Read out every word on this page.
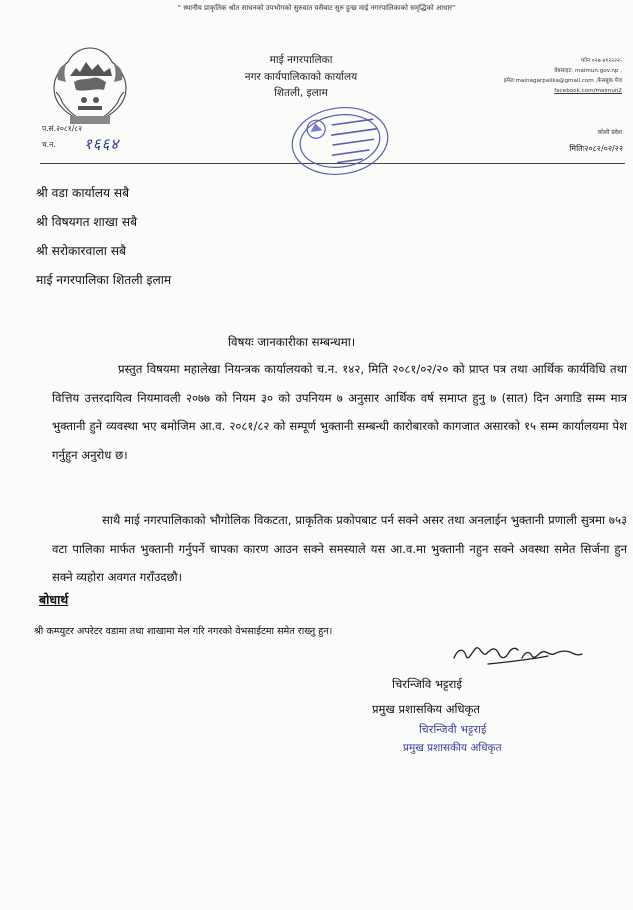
" स्थानीय प्राकृतिक श्रोत साधनको उपभोगको सुरुवात यसैबाट सुरु हुन्छ माई नगरपालिकाको समृद्धिको आधार"
माई नगरपालिका
नगर कार्यपालिकाको कार्यालय
शितली, इलाम
फोन ०२७-४१२२२२-
वेबसाइट: maimun.gov.np ,
इमेल:mainagarpalika@gmail.com ,फेसबुक पेज
facebook.com/maimun2
कोशी प्रदेश
प.सं.२०८१/८२
च.न. १६६४	मितिः२०८२/०२/२२
श्री वडा कार्यालय सबै
श्री विषयगत शाखा सबै
श्री सरोकारवाला सबै
माई नगरपालिका शितली इलाम
विषयः जानकारीका सम्बन्धमा।
प्रस्तुत विषयमा महालेखा नियन्त्रक कार्यालयको च.न. १४२, मिति २०८१/०२/२० को प्राप्त पत्र तथा आर्थिक कार्यविधि तथा वित्तिय उत्तरदायित्व नियमावली २०७७ को नियम ३० को उपनियम ७ अनुसार आर्थिक वर्ष समाप्त हुनु ७ (सात) दिन अगाडि सम्म मात्र भुक्तानी हुने व्यवस्था भए बमोजिम आ.व. २०८१/८२ को सम्पूर्ण भुक्तानी सम्बन्धी कारोबारको कागजात असारको १५ सम्म कार्यालयमा पेश गर्नुहुन अनुरोध छ।
साथै माई नगरपालिकाको भौगोलिक विकटता, प्राकृतिक प्रकोपबाट पर्न सक्ने असर तथा अनलाईन भुक्तानी प्रणाली सुत्रमा ७५३ वटा पालिका मार्फत भुक्तानी गर्नुपर्ने चापका कारण आउन सक्ने समस्याले यस आ.व.मा भुक्तानी नहुन सक्ने अवस्था समेत सिर्जना हुन सक्ने व्यहोरा अवगत गराँउदछौ।
बोधार्थ
श्री कम्प्युटर अपरेटर वडामा तथा शाखामा मेल गरि नगरको वेभसाईटमा समेत राख्नु हुन।
चिरन्जिवि भट्टराई
प्रमुख प्रशासकिय अधिकृत
चिरन्जिवी भट्टराई
प्रमुख प्रशासकीय अधिकृत
